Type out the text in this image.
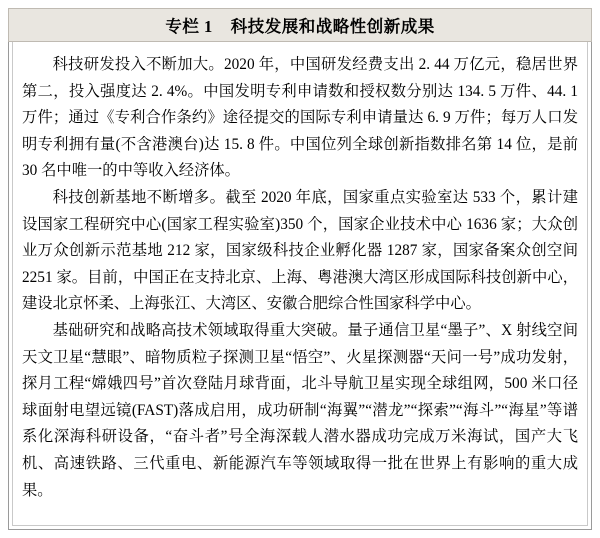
专栏 1 科技发展和战略性创新成果

科技研发投入不断加大。2020 年，中国研发经费支出 2. 44 万亿元，稳居世界第二，投入强度达 2. 4%。中国发明专利申请数和授权数分别达 134. 5 万件、44. 1 万件；通过《专利合作条约》途径提交的国际专利申请量达 6. 9 万件；每万人口发明专利拥有量(不含港澳台)达 15. 8 件。中国位列全球创新指数排名第 14 位，是前 30 名中唯一的中等收入经济体。

科技创新基地不断增多。截至 2020 年底，国家重点实验室达 533 个，累计建设国家工程研究中心(国家工程实验室)350 个，国家企业技术中心 1636 家；大众创业万众创新示范基地 212 家，国家级科技企业孵化器 1287 家，国家备案众创空间 2251 家。目前，中国正在支持北京、上海、粤港澳大湾区形成国际科技创新中心，建设北京怀柔、上海张江、大湾区、安徽合肥综合性国家科学中心。

基础研究和战略高技术领域取得重大突破。量子通信卫星“墨子”、X 射线空间天文卫星“慧眼”、暗物质粒子探测卫星“悟空”、火星探测器“天问一号”成功发射，探月工程“嫦娥四号”首次登陆月球背面，北斗导航卫星实现全球组网，500 米口径球面射电望远镜(FAST)落成启用，成功研制“海翼”“潜龙”“探索”“海斗”“海星”等谱系化深海科研设备，“奋斗者”号全海深载人潜水器成功完成万米海试，国产大飞机、高速铁路、三代重电、新能源汽车等领域取得一批在世界上有影响的重大成果。
